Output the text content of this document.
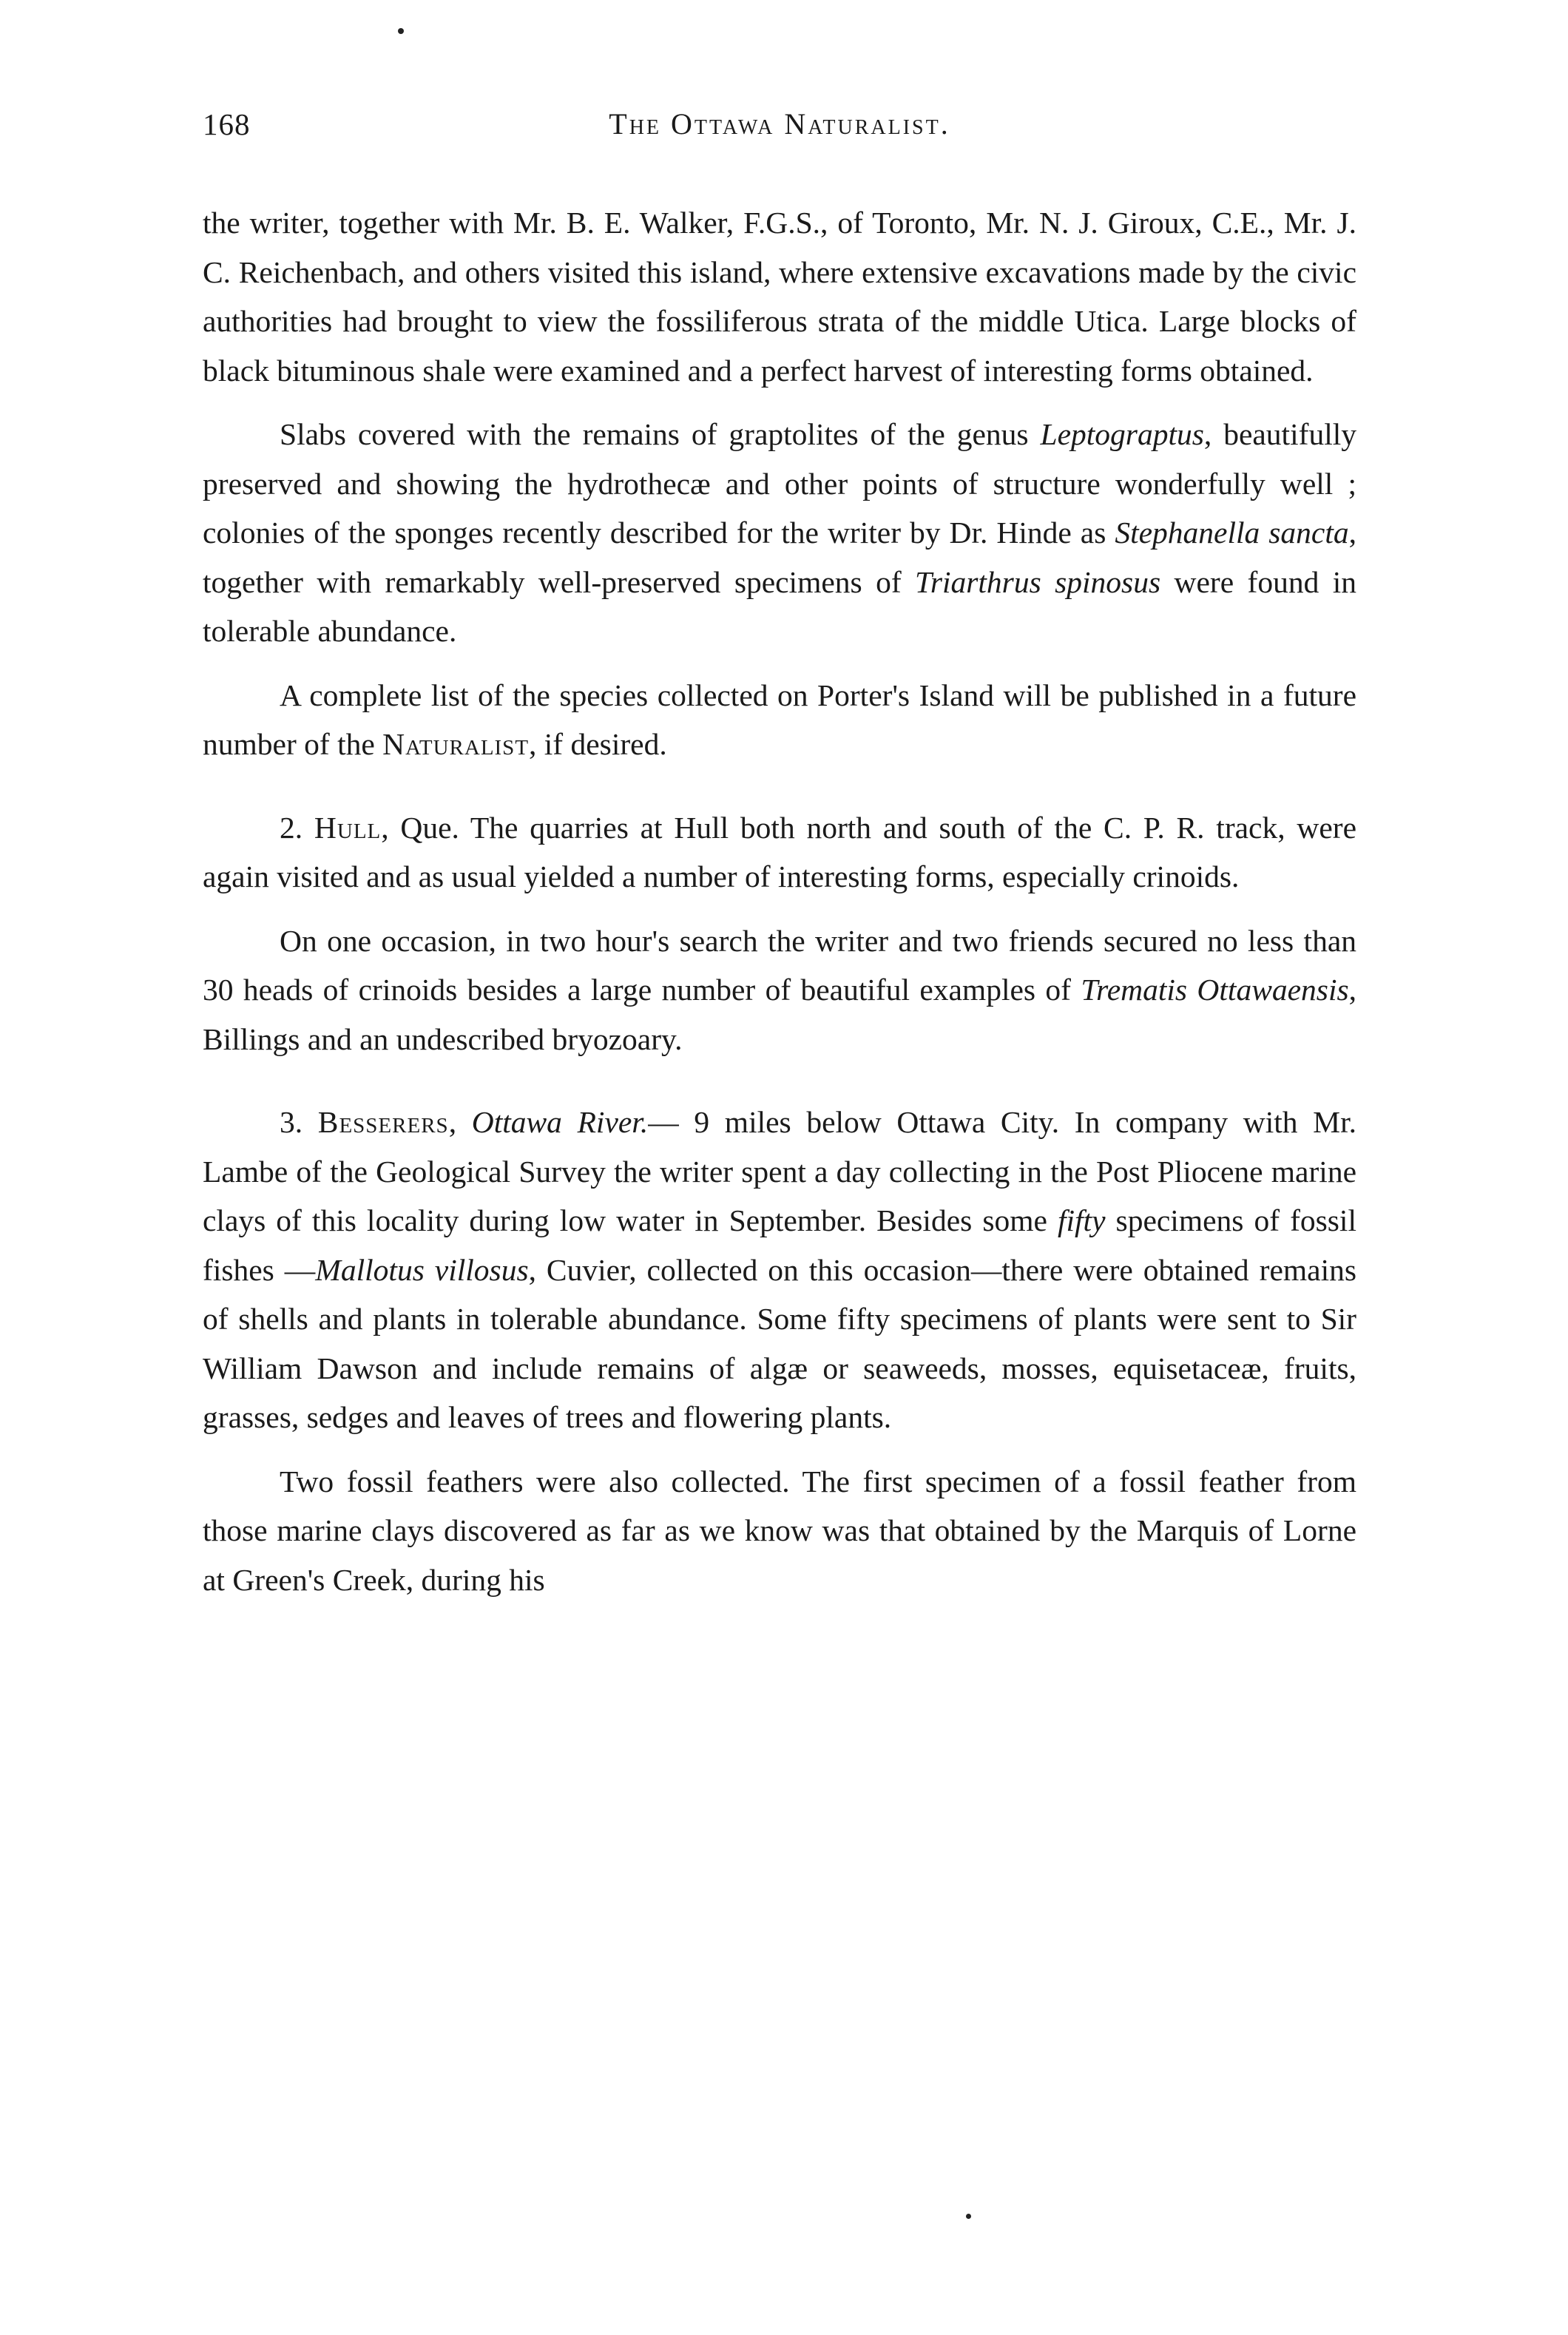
168	The Ottawa Naturalist.

the writer, together with Mr. B. E. Walker, F.G.S., of Toronto, Mr. N. J. Giroux, C.E., Mr. J. C. Reichenbach, and others visited this island, where extensive excavations made by the civic authorities had brought to view the fossiliferous strata of the middle Utica. Large blocks of black bituminous shale were examined and a perfect harvest of interesting forms obtained.

Slabs covered with the remains of graptolites of the genus Leptograptus, beautifully preserved and showing the hydrothecæ and other points of structure wonderfully well ; colonies of the sponges recently described for the writer by Dr. Hinde as Stephanella sancta, together with remarkably well-preserved specimens of Triarthrus spinosus were found in tolerable abundance.

A complete list of the species collected on Porter's Island will be published in a future number of the Naturalist, if desired.

2. Hull, Que. The quarries at Hull both north and south of the C. P. R. track, were again visited and as usual yielded a number of interesting forms, especially crinoids.

On one occasion, in two hour's search the writer and two friends secured no less than 30 heads of crinoids besides a large number of beautiful examples of Trematis Ottawaensis, Billings and an undescribed bryozoary.

3. Besserers, Ottawa River.— 9 miles below Ottawa City. In company with Mr. Lambe of the Geological Survey the writer spent a day collecting in the Post Pliocene marine clays of this locality during low water in September. Besides some fifty specimens of fossil fishes —Mallotus villosus, Cuvier, collected on this occasion—there were obtained remains of shells and plants in tolerable abundance. Some fifty specimens of plants were sent to Sir William Dawson and include remains of algæ or seaweeds, mosses, equisetaceæ, fruits, grasses, sedges and leaves of trees and flowering plants.

Two fossil feathers were also collected. The first specimen of a fossil feather from those marine clays discovered as far as we know was that obtained by the Marquis of Lorne at Green's Creek, during his
